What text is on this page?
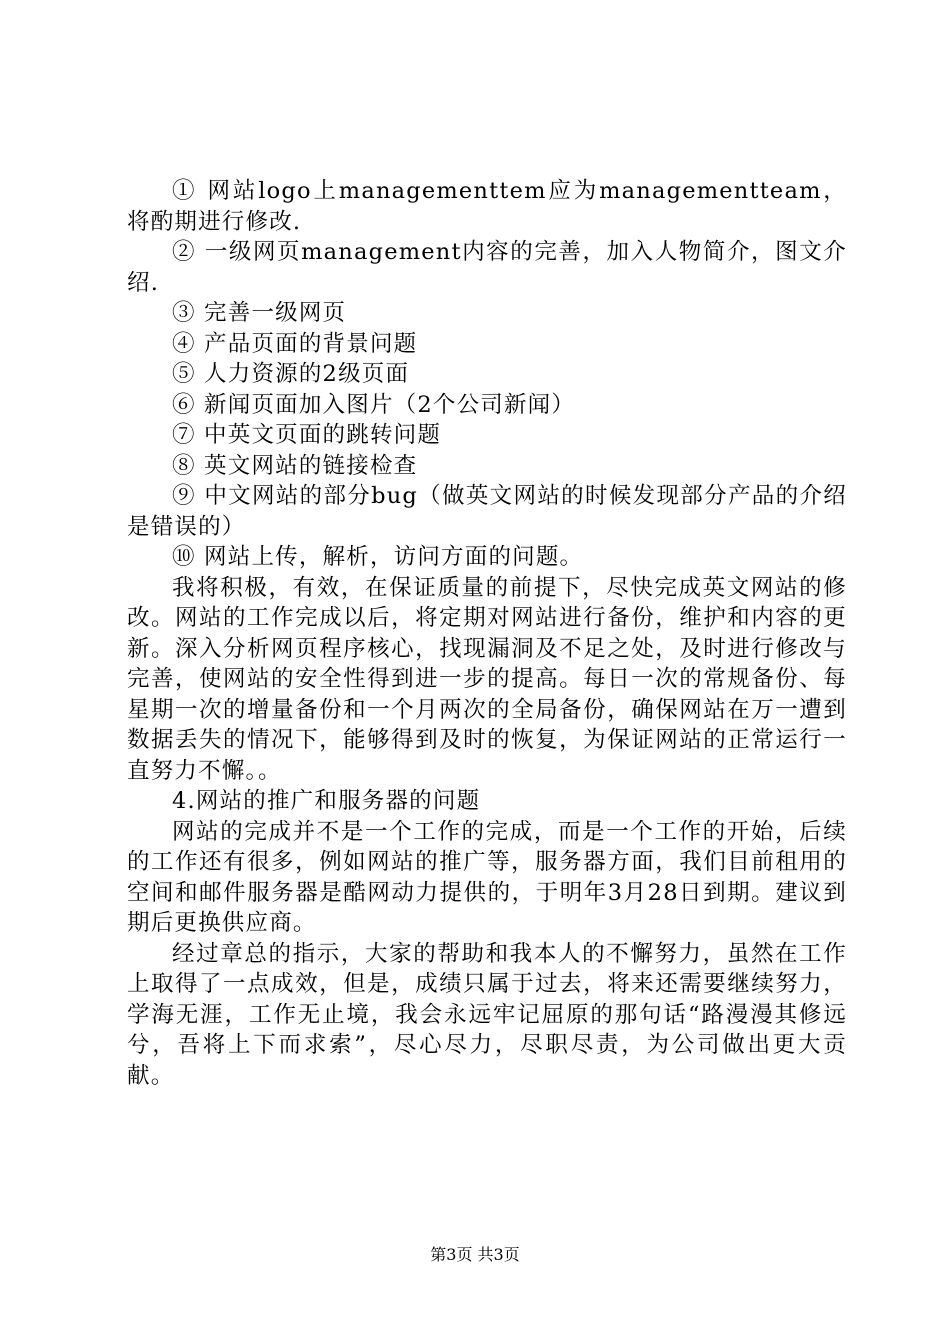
① 网站logo上managementtem应为managementteam，将酌期进行修改.

② 一级网页management内容的完善，加入人物简介，图文介绍.

③ 完善一级网页

④ 产品页面的背景问题

⑤ 人力资源的2级页面

⑥ 新闻页面加入图片（2个公司新闻）

⑦ 中英文页面的跳转问题

⑧ 英文网站的链接检查

⑨ 中文网站的部分bug（做英文网站的时候发现部分产品的介绍是错误的）

⑩ 网站上传，解析，访问方面的问题。

我将积极，有效，在保证质量的前提下，尽快完成英文网站的修改。网站的工作完成以后，将定期对网站进行备份，维护和内容的更新。深入分析网页程序核心，找现漏洞及不足之处，及时进行修改与完善，使网站的安全性得到进一步的提高。每日一次的常规备份、每星期一次的增量备份和一个月两次的全局备份，确保网站在万一遭到数据丢失的情况下，能够得到及时的恢复，为保证网站的正常运行一直努力不懈。。

4.网站的推广和服务器的问题

网站的完成并不是一个工作的完成，而是一个工作的开始，后续的工作还有很多，例如网站的推广等，服务器方面，我们目前租用的空间和邮件服务器是酷网动力提供的，于明年3月28日到期。建议到期后更换供应商。

经过章总的指示，大家的帮助和我本人的不懈努力，虽然在工作上取得了一点成效，但是，成绩只属于过去，将来还需要继续努力，学海无涯，工作无止境，我会永远牢记屈原的那句话“路漫漫其修远兮，吾将上下而求索”，尽心尽力，尽职尽责，为公司做出更大贡献。

第3页 共3页
